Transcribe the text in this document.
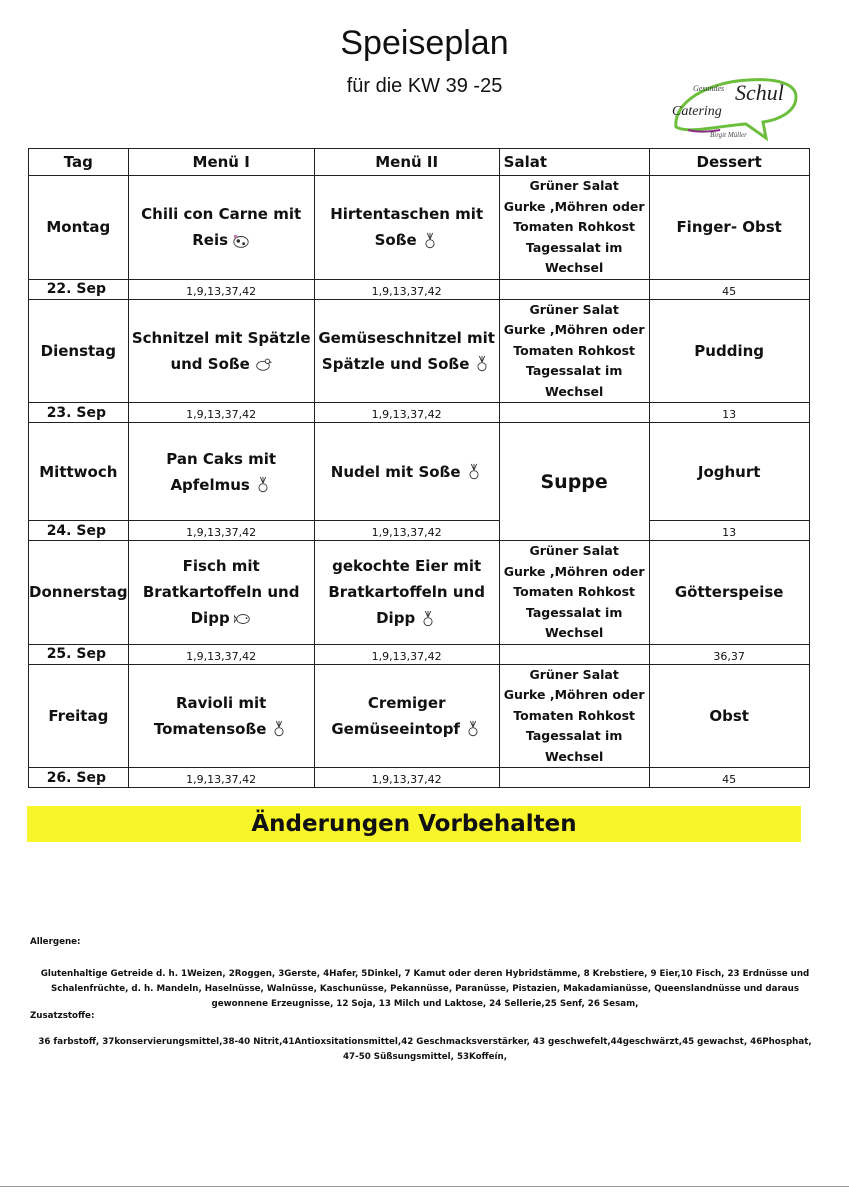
Speiseplan
für die KW 39 -25	Gesundes Schul
Catering
Birgit Müller
Tag	Menü I	Menü II	Salat	Dessert
Montag	Chili con Carne mit Reis	Hirtentaschen mit Soße	Grüner Salat
Gurke ,Möhren oder
Tomaten Rohkost
Tagessalat im
Wechsel	Finger- Obst
22. Sep	1,9,13,37,42	1,9,13,37,42		45
Dienstag	Schnitzel mit Spätzle und Soße	Gemüseschnitzel mit Spätzle und Soße	Grüner Salat
Gurke ,Möhren oder
Tomaten Rohkost
Tagessalat im
Wechsel	Pudding
23. Sep	1,9,13,37,42	1,9,13,37,42		13
Mittwoch	Pan Caks mit Apfelmus	Nudel mit Soße	Suppe	Joghurt
24. Sep	1,9,13,37,42	1,9,13,37,42		13
Donnerstag	Fisch mit Bratkartoffeln und Dipp	gekochte Eier mit Bratkartoffeln und Dipp	Grüner Salat
Gurke ,Möhren oder
Tomaten Rohkost
Tagessalat im
Wechsel	Götterspeise
25. Sep	1,9,13,37,42	1,9,13,37,42		36,37
Freitag	Ravioli mit Tomatensoße	Cremiger Gemüseeintopf	Grüner Salat
Gurke ,Möhren oder
Tomaten Rohkost
Tagessalat im
Wechsel	Obst
26. Sep	1,9,13,37,42	1,9,13,37,42		45
Änderungen Vorbehalten
Allergene:
Glutenhaltige Getreide d. h. 1Weizen, 2Roggen, 3Gerste, 4Hafer, 5Dinkel, 7 Kamut oder deren Hybridstämme, 8 Krebstiere, 9 Eier,10 Fisch, 23 Erdnüsse und Schalenfrüchte, d. h. Mandeln, Haselnüsse, Walnüsse, Kaschunüsse, Pekannüsse, Paranüsse, Pistazien, Makadamianüsse, Queenslandnüsse und daraus gewonnene Erzeugnisse, 12 Soja, 13 Milch und Laktose, 24 Sellerie,25 Senf, 26 Sesam,
Zusatzstoffe:
36 farbstoff, 37konservierungsmittel,38-40 Nitrit,41Antioxsitationsmittel,42 Geschmacksverstärker, 43 geschwefelt,44geschwärzt,45 gewachst, 46Phosphat, 47-50 Süßsungsmittel, 53Koffeín,
